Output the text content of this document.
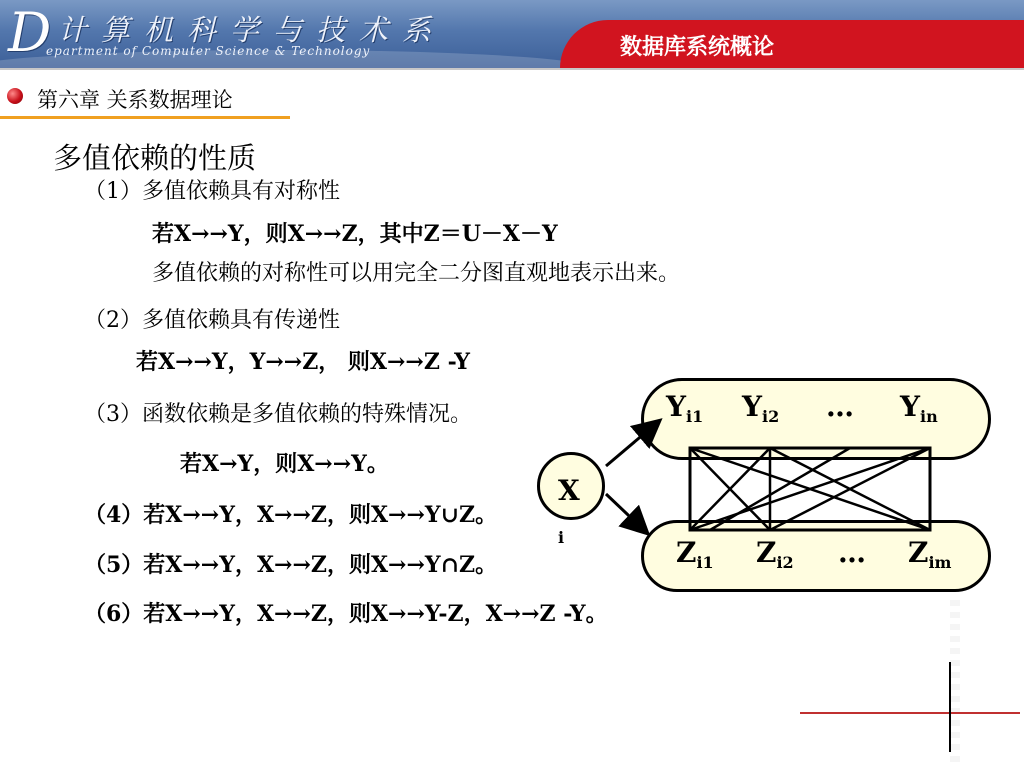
D 计算机科学与技术系
epartment of Computer Science & Technology	数据库系统概论
第六章 关系数据理论
多值依赖的性质
（1）多值依赖具有对称性
若X→→Y，则X→→Z，其中Z＝U－X－Y
多值依赖的对称性可以用完全二分图直观地表示出来。
（2）多值依赖具有传递性
若X→→Y，Y→→Z， 则X→→Z -Y
（3）函数依赖是多值依赖的特殊情况。
若X→Y，则X→→Y。
（4）若X→→Y，X→→Z，则X→→Y∪Z。
（5）若X→→Y，X→→Z，则X→→Y∩Z。
（6）若X→→Y，X→→Z，则X→→Y-Z，X→→Z -Y。
X
i
$Y_{i1}$ $Y_{i2}$ … $Y_{in}$
$Z_{i1}$ $Z_{i2}$ … $Z_{im}$
